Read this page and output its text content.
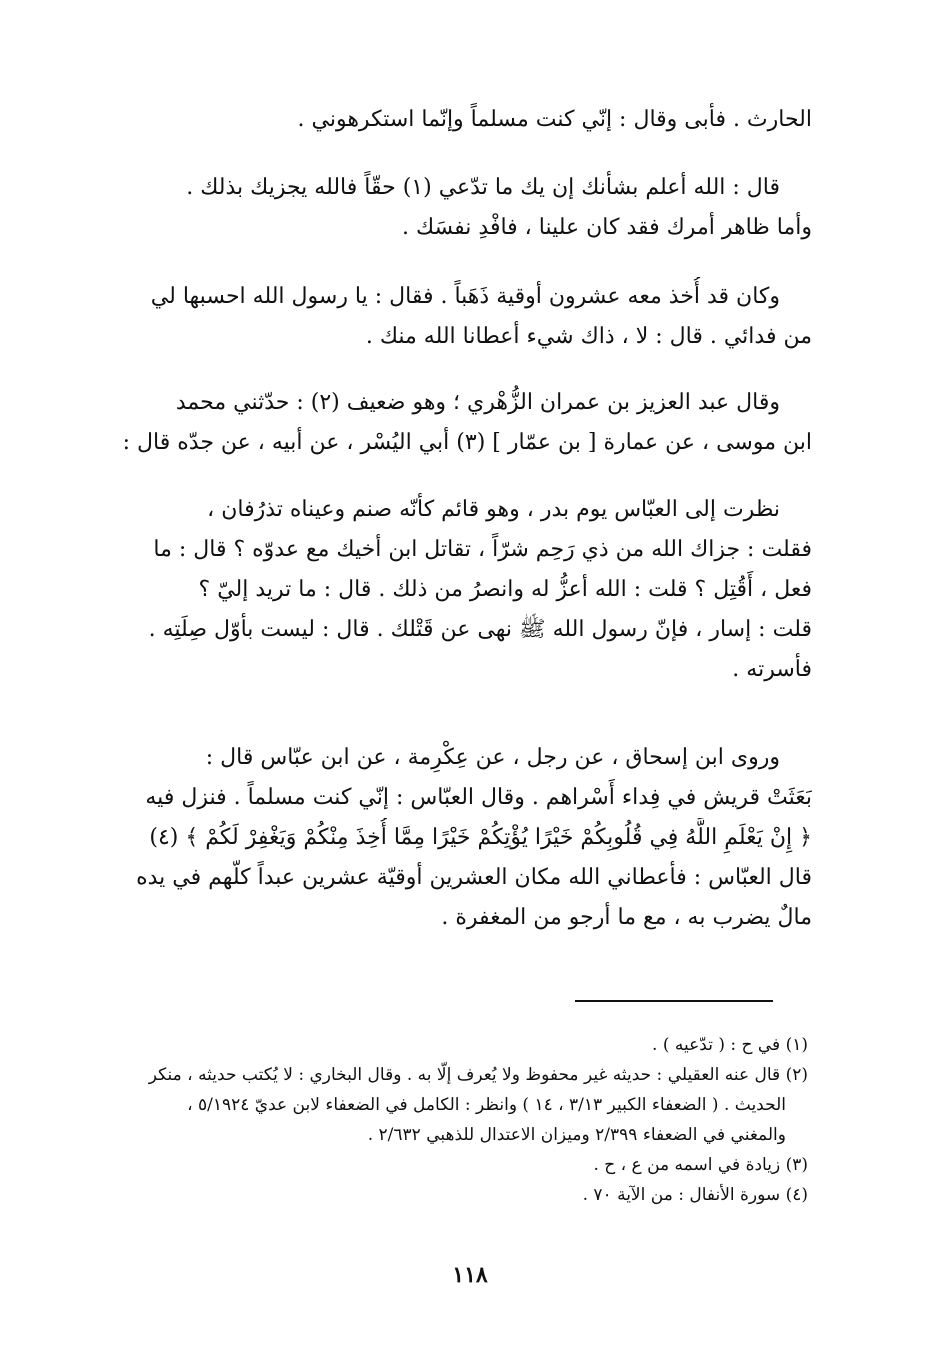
الحارث . فأبى وقال : إنّي كنت مسلماً وإنّما استكرهوني .
قال : الله أعلم بشأنك إن يك ما تدّعي (١) حقّاً فالله يجزيك بذلك .
وأما ظاهر أمرك فقد كان علينا ، فافْدِ نفسَك .
وكان قد أُخذ معه عشرون أوقية ذَهَباً . فقال : يا رسول الله احسبها لي
من فدائي . قال : لا ، ذاك شيء أعطانا الله منك .
وقال عبد العزيز بن عمران الزُّهْري ؛ وهو ضعيف (٢) : حدّثني محمد
ابن موسى ، عن عمارة [ بن عمّار ] (٣) أبي اليُسْر ، عن أبيه ، عن جدّه قال :
نظرت إلى العبّاس يوم بدر ، وهو قائم كأنّه صنم وعيناه تذرُفان ،
فقلت : جزاك الله من ذي رَحِم شرّاً ، تقاتل ابن أخيك مع عدوّه ؟ قال : ما
فعل ، أَقُتِل ؟ قلت : الله أعزُّ له وانصرُ من ذلك . قال : ما تريد إليّ ؟
قلت : إسار ، فإنّ رسول الله ﷺ نهى عن قَتْلك . قال : ليست بأوّل صِلَتِه .
فأسرته .
وروى ابن إسحاق ، عن رجل ، عن عِكْرِمة ، عن ابن عبّاس قال :
بَعَثَتْ قريش في فِداء أَسْراهم . وقال العبّاس : إنّي كنت مسلماً . فنزل فيه
﴿ إِنْ يَعْلَمِ اللَّهُ فِي قُلُوبِكُمْ خَيْرًا يُؤْتِكُمْ خَيْرًا مِمَّا أُخِذَ مِنْكُمْ وَيَغْفِرْ لَكُمْ ﴾ (٤)
قال العبّاس : فأعطاني الله مكان العشرين أوقيّة عشرين عبداً كلّهم في يده
مالٌ يضرب به ، مع ما أرجو من المغفرة .
(١) في ح : ( تدّعيه ) .
(٢) قال عنه العقيلي : حديثه غير محفوظ ولا يُعرف إلّا به . وقال البخاري : لا يُكتب حديثه ، منكر
الحديث . ( الضعفاء الكبير ٣/١٣ ، ١٤ ) وانظر : الكامل في الضعفاء لابن عديّ ٥/١٩٢٤ ،
والمغني في الضعفاء ٢/٣٩٩ وميزان الاعتدال للذهبي ٢/٦٣٢ .
(٣) زيادة في اسمه من ع ، ح .
(٤) سورة الأنفال : من الآية ٧٠ .
١١٨
